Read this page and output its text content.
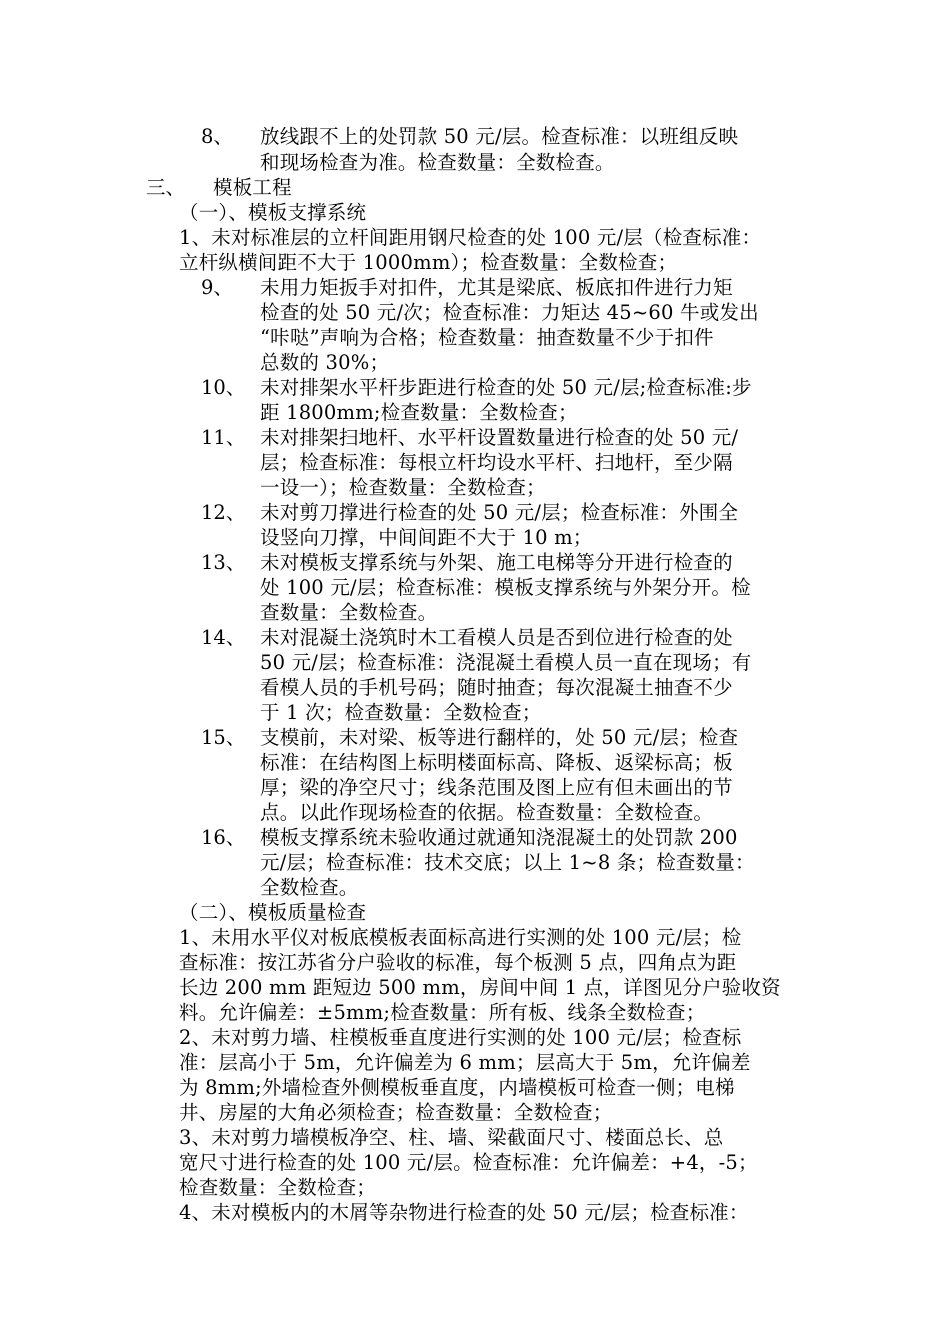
8、 放线跟不上的处罚款 50 元/层。检查标准：以班组反映
和现场检查为准。检查数量：全数检查。
三、 模板工程
（一）、模板支撑系统
1、未对标准层的立杆间距用钢尺检查的处 100 元/层（检查标准：
立杆纵横间距不大于 1000mm）；检查数量：全数检查；
9、 未用力矩扳手对扣件，尤其是梁底、板底扣件进行力矩
检查的处 50 元/次；检查标准：力矩达 45~60 牛或发出
“咔哒”声响为合格；检查数量：抽查数量不少于扣件
总数的 30%；
10、 未对排架水平杆步距进行检查的处 50 元/层;检查标准:步
距 1800mm;检查数量：全数检查；
11、 未对排架扫地杆、水平杆设置数量进行检查的处 50 元/
层；检查标准：每根立杆均设水平杆、扫地杆，至少隔
一设一）；检查数量：全数检查；
12、 未对剪刀撑进行检查的处 50 元/层；检查标准：外围全
设竖向刀撑，中间间距不大于 10 m；
13、 未对模板支撑系统与外架、施工电梯等分开进行检查的
处 100 元/层；检查标准：模板支撑系统与外架分开。检
查数量：全数检查。
14、 未对混凝土浇筑时木工看模人员是否到位进行检查的处
50 元/层；检查标准：浇混凝土看模人员一直在现场；有
看模人员的手机号码；随时抽查；每次混凝土抽查不少
于 1 次；检查数量：全数检查；
15、 支模前，未对梁、板等进行翻样的，处 50 元/层；检查
标准：在结构图上标明楼面标高、降板、返梁标高；板
厚；梁的净空尺寸；线条范围及图上应有但未画出的节
点。以此作现场检查的依据。检查数量：全数检查。
16、 模板支撑系统未验收通过就通知浇混凝土的处罚款 200
元/层；检查标准：技术交底；以上 1~8 条；检查数量：
全数检查。
（二）、模板质量检查
1、未用水平仪对板底模板表面标高进行实测的处 100 元/层；检
查标准：按江苏省分户验收的标准，每个板测 5 点，四角点为距
长边 200 mm 距短边 500 mm，房间中间 1 点，详图见分户验收资
料。允许偏差：±5mm;检查数量：所有板、线条全数检查；
2、未对剪力墙、柱模板垂直度进行实测的处 100 元/层；检查标
准：层高小于 5m，允许偏差为 6 mm；层高大于 5m，允许偏差
为 8mm;外墙检查外侧模板垂直度，内墙模板可检查一侧；电梯
井、房屋的大角必须检查；检查数量：全数检查；
3、未对剪力墙模板净空、柱、墙、梁截面尺寸、楼面总长、总
宽尺寸进行检查的处 100 元/层。检查标准：允许偏差：+4，-5；
检查数量：全数检查；
4、未对模板内的木屑等杂物进行检查的处 50 元/层；检查标准：
